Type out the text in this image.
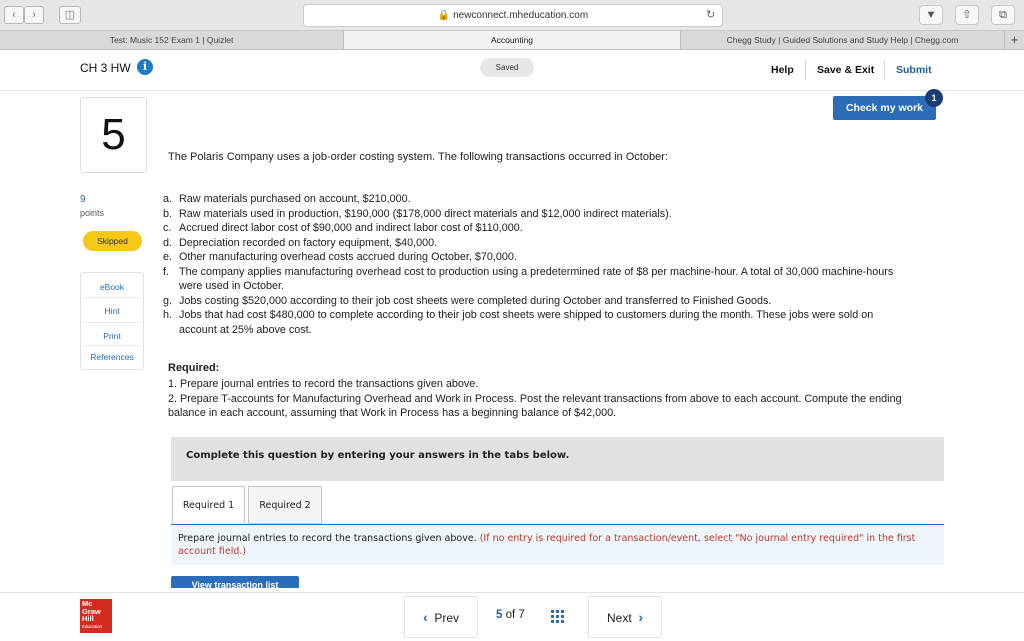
‹	›	◫	🔒 newconnect.mheducation.com	↻	▼	⇧	⧉
Test: Music 152 Exam 1 | Quizlet	Accounting	Chegg Study | Guided Solutions and Study Help | Chegg.com	+
CH 3 HW	i	Saved	Help Save & Exit Submit
5
9
points
Skipped
eBook
Hint
Print
References
Check my work
1
The Polaris Company uses a job-order costing system. The following transactions occurred in October:
a. Raw materials purchased on account, $210,000.
b. Raw materials used in production, $190,000 ($178,000 direct materials and $12,000 indirect materials).
c. Accrued direct labor cost of $90,000 and indirect labor cost of $110,000.
d. Depreciation recorded on factory equipment, $40,000.
e. Other manufacturing overhead costs accrued during October, $70,000.
f. The company applies manufacturing overhead cost to production using a predetermined rate of $8 per machine-hour. A total of 30,000 machine-hours were used in October.
g. Jobs costing $520,000 according to their job cost sheets were completed during October and transferred to Finished Goods.
h. Jobs that had cost $480,000 to complete according to their job cost sheets were shipped to customers during the month. These jobs were sold on account at 25% above cost.
Required:
1. Prepare journal entries to record the transactions given above.
2. Prepare T-accounts for Manufacturing Overhead and Work in Process. Post the relevant transactions from above to each account. Compute the ending balance in each account, assuming that Work in Process has a beginning balance of $42,000.
Complete this question by entering your answers in the tabs below.
Required 1	Required 2
Prepare journal entries to record the transactions given above. (If no entry is required for a transaction/event, select "No journal entry required" in the first account field.)
View transaction list
Mc
Graw
Hill
Education
‹ Prev	5 of 7	Next ›
